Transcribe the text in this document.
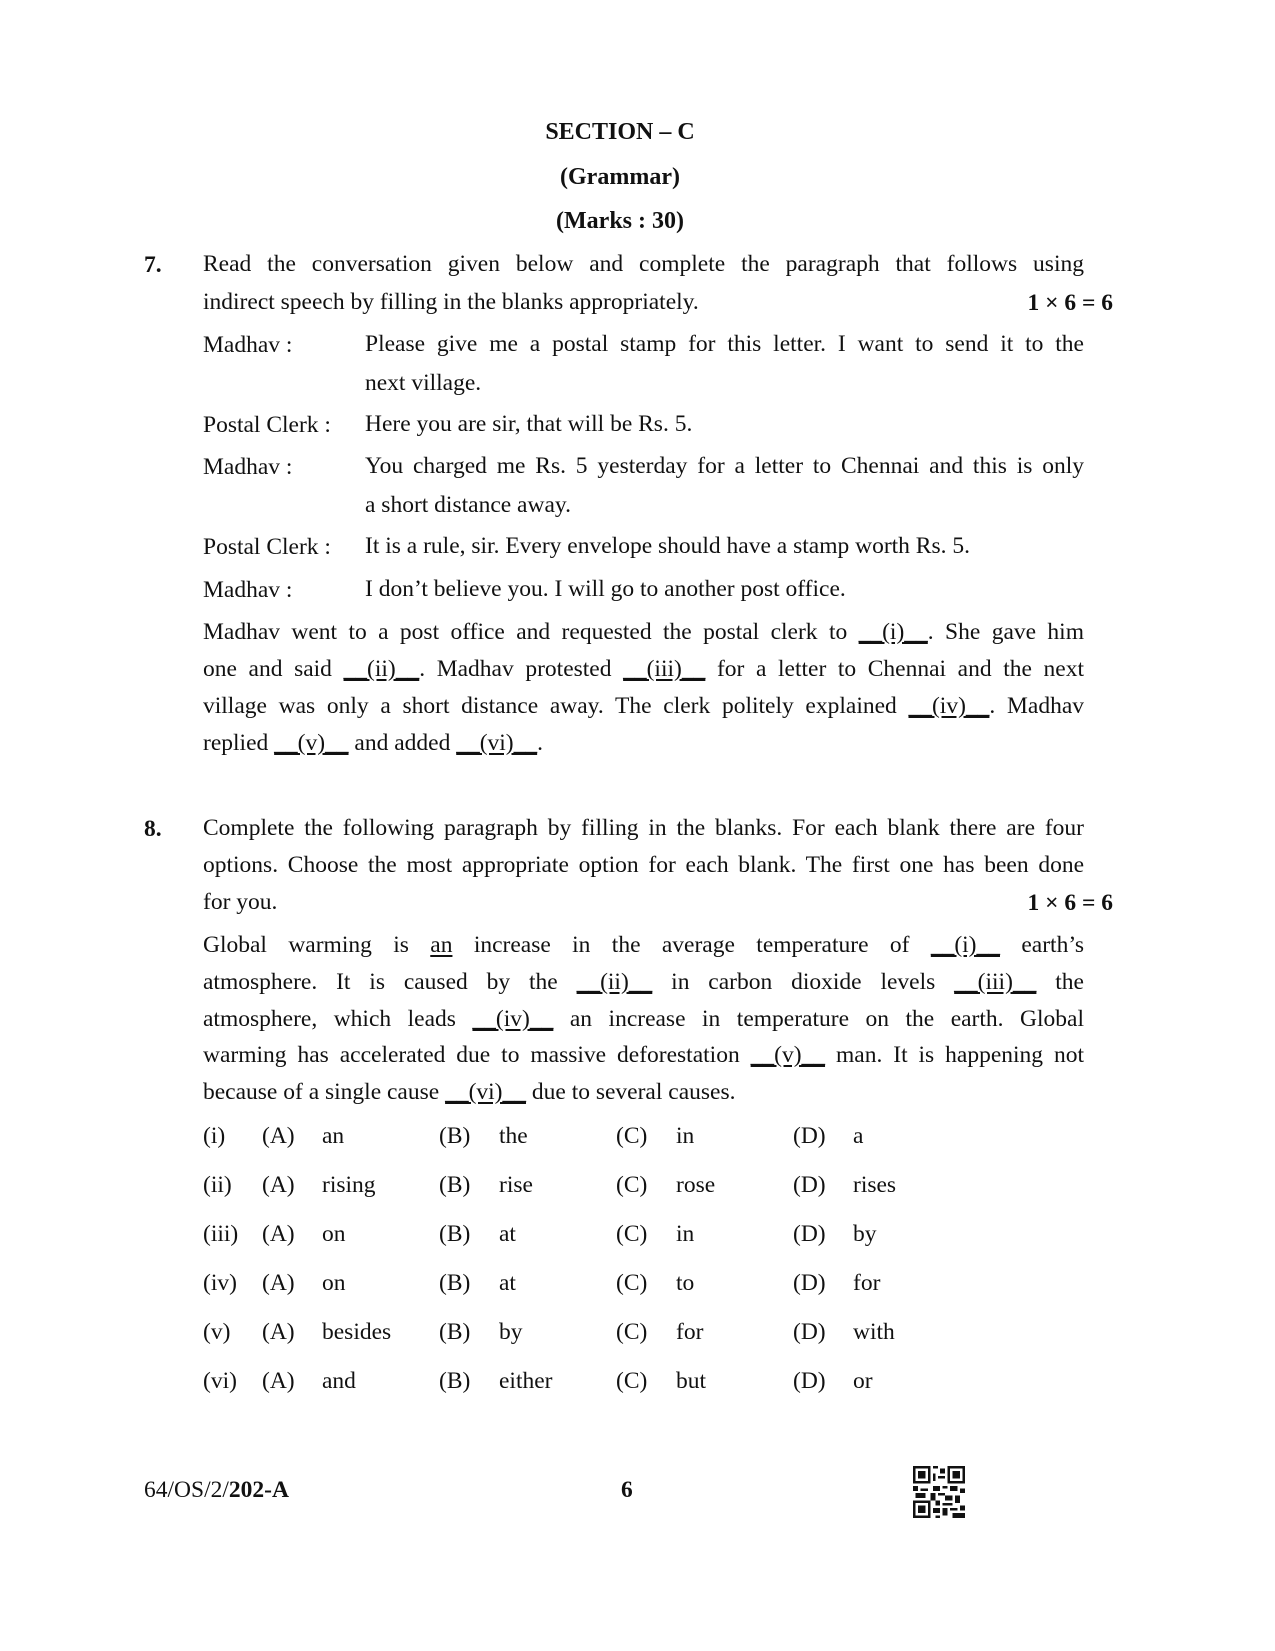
SECTION – C
(Grammar)
(Marks : 30)
7. Read the conversation given below and complete the paragraph that follows using
indirect speech by filling in the blanks appropriately.	1 × 6 = 6
Madhav :	Please give me a postal stamp for this letter. I want to send it to the
next village.
Postal Clerk : Here you are sir, that will be Rs. 5.
Madhav :	You charged me Rs. 5 yesterday for a letter to Chennai and this is only
a short distance away.
Postal Clerk : It is a rule, sir. Every envelope should have a stamp worth Rs. 5.
Madhav :	I don’t believe you. I will go to another post office.
Madhav went to a post office and requested the postal clerk to __(i)__. She gave him
one and said __(ii)__. Madhav protested __(iii)__ for a letter to Chennai and the next
village was only a short distance away. The clerk politely explained __(iv)__. Madhav
replied __(v)__ and added __(vi)__.
8. Complete the following paragraph by filling in the blanks. For each blank there are four
options. Choose the most appropriate option for each blank. The first one has been done
for you.	1 × 6 = 6
Global warming is an increase in the average temperature of __(i)__ earth’s
atmosphere. It is caused by the __(ii)__ in carbon dioxide levels __(iii)__ the
atmosphere, which leads __(iv)__ an increase in temperature on the earth. Global
warming has accelerated due to massive deforestation __(v)__ man. It is happening not
because of a single cause __(vi)__ due to several causes.
(i) (A) an	(B) the	(C) in	(D) a
(ii) (A) rising	(B) rise	(C) rose	(D) rises
(iii) (A) on	(B) at	(C) in	(D) by
(iv) (A) on	(B) at	(C) to	(D) for
(v) (A) besides (B) by	(C) for	(D) with
(vi) (A) and	(B) either	(C) but	(D) or
64/OS/2/202-A	6
